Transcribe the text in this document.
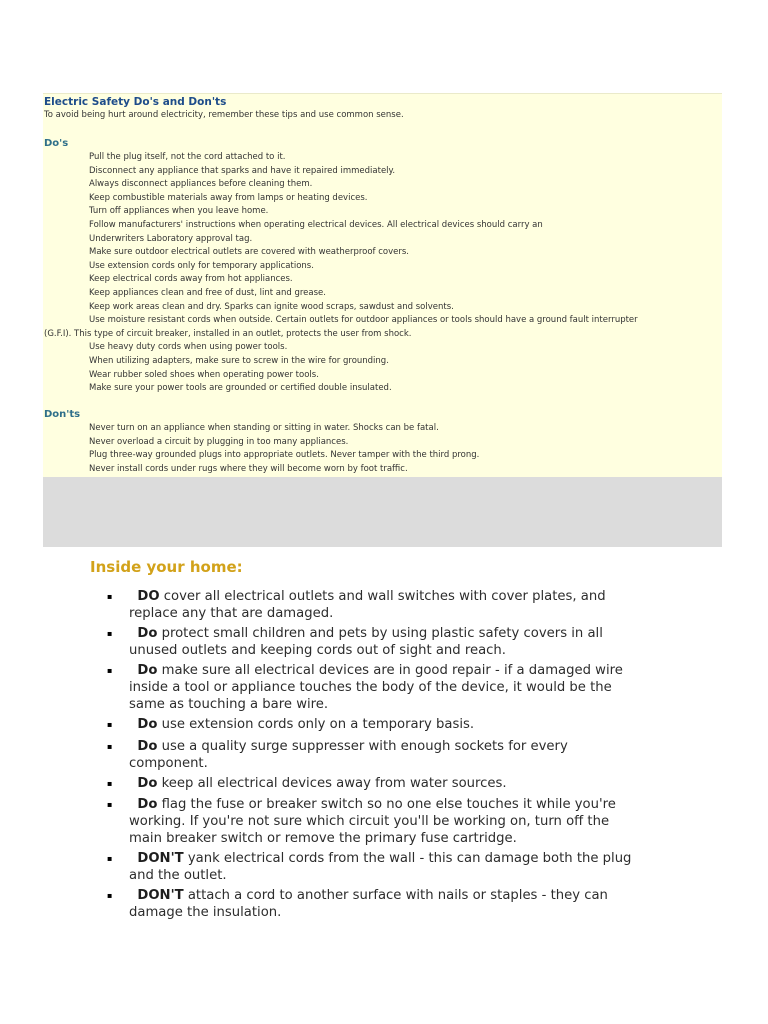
Electric Safety Do's and Don'ts
To avoid being hurt around electricity, remember these tips and use common sense.
Do's
Pull the plug itself, not the cord attached to it.
Disconnect any appliance that sparks and have it repaired immediately.
Always disconnect appliances before cleaning them.
Keep combustible materials away from lamps or heating devices.
Turn off appliances when you leave home.
Follow manufacturers' instructions when operating electrical devices. All electrical devices should carry an
Underwriters Laboratory approval tag.
Make sure outdoor electrical outlets are covered with weatherproof covers.
Use extension cords only for temporary applications.
Keep electrical cords away from hot appliances.
Keep appliances clean and free of dust, lint and grease.
Keep work areas clean and dry. Sparks can ignite wood scraps, sawdust and solvents.
Use moisture resistant cords when outside. Certain outlets for outdoor appliances or tools should have a ground fault interrupter
(G.F.I). This type of circuit breaker, installed in an outlet, protects the user from shock.
Use heavy duty cords when using power tools.
When utilizing adapters, make sure to screw in the wire for grounding.
Wear rubber soled shoes when operating power tools.
Make sure your power tools are grounded or certified double insulated.
Don'ts
Never turn on an appliance when standing or sitting in water. Shocks can be fatal.
Never overload a circuit by plugging in too many appliances.
Plug three-way grounded plugs into appropriate outlets. Never tamper with the third prong.
Never install cords under rugs where they will become worn by foot traffic.
Inside your home:
▪	DO cover all electrical outlets and wall switches with cover plates, and
replace any that are damaged.
▪	Do protect small children and pets by using plastic safety covers in all
unused outlets and keeping cords out of sight and reach.
▪	Do make sure all electrical devices are in good repair - if a damaged wire
inside a tool or appliance touches the body of the device, it would be the
same as touching a bare wire.
▪	Do use extension cords only on a temporary basis.
▪	Do use a quality surge suppresser with enough sockets for every
component.
▪	Do keep all electrical devices away from water sources.
▪	Do flag the fuse or breaker switch so no one else touches it while you're
working. If you're not sure which circuit you'll be working on, turn off the
main breaker switch or remove the primary fuse cartridge.
▪	DON'T yank electrical cords from the wall - this can damage both the plug
and the outlet.
▪	DON'T attach a cord to another surface with nails or staples - they can
damage the insulation.
